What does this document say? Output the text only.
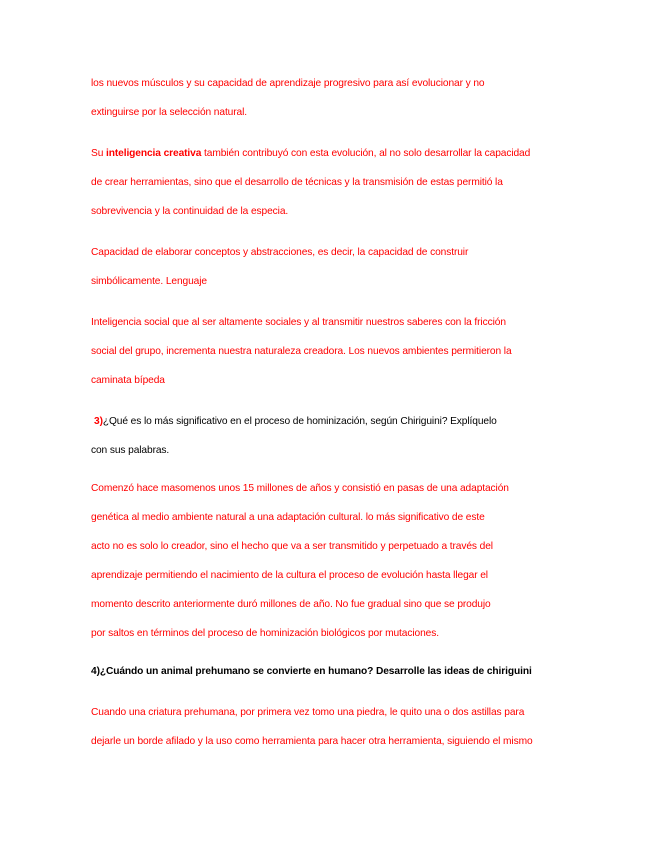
los nuevos músculos y su capacidad de aprendizaje progresivo para así evolucionar y no

extinguirse por la selección natural.

Su inteligencia creativa también contribuyó con esta evolución, al no solo desarrollar la capacidad

de crear herramientas, sino que el desarrollo de técnicas y la transmisión de estas permitió la

sobrevivencia y la continuidad de la especia.

Capacidad de elaborar conceptos y abstracciones, es decir, la capacidad de construir

simbólicamente. Lenguaje

Inteligencia social que al ser altamente sociales y al transmitir nuestros saberes con la fricción

social del grupo, incrementa nuestra naturaleza creadora. Los nuevos ambientes permitieron la

caminata bípeda

3)¿Qué es lo más significativo en el proceso de hominización, según Chiriguini? Explíquelo

con sus palabras.

Comenzó hace masomenos unos 15 millones de años y consistió en pasas de una adaptación

genética al medio ambiente natural a una adaptación cultural. lo más significativo de este

acto no es solo lo creador, sino el hecho que va a ser transmitido y perpetuado a través del

aprendizaje permitiendo el nacimiento de la cultura el proceso de evolución hasta llegar el

momento descrito anteriormente duró millones de año. No fue gradual sino que se produjo

por saltos en términos del proceso de hominización biológicos por mutaciones.

4)¿Cuándo un animal prehumano se convierte en humano? Desarrolle las ideas de chiriguini

Cuando una criatura prehumana, por primera vez tomo una piedra, le quito una o dos astillas para

dejarle un borde afilado y la uso como herramienta para hacer otra herramienta, siguiendo el mismo
